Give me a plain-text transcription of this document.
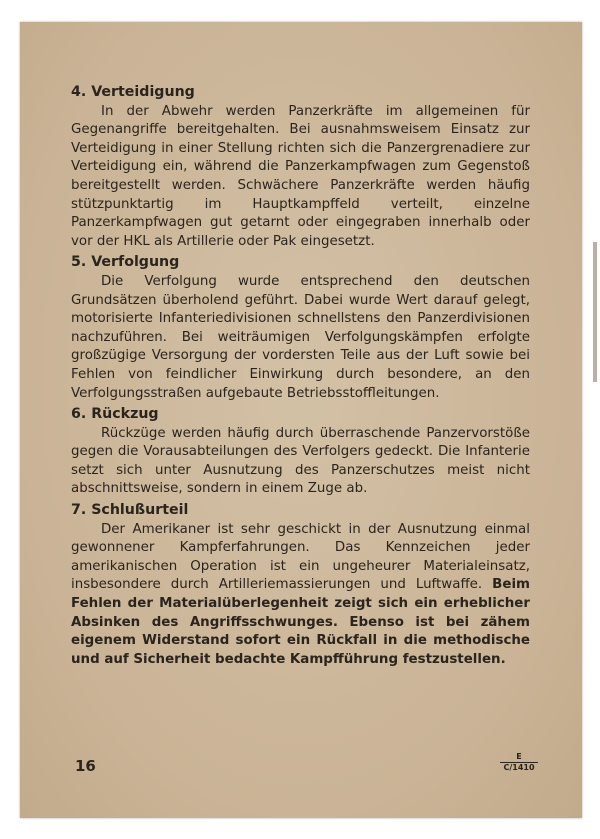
4. Verteidigung
In der Abwehr werden Panzerkräfte im allgemeinen für Gegenangriffe bereitgehalten. Bei ausnahmsweisem Einsatz zur Verteidigung in einer Stellung richten sich die Panzergrenadiere zur Verteidigung ein, während die Panzerkampfwagen zum Gegenstoß bereitgestellt werden. Schwächere Panzerkräfte werden häufig stützpunktartig im Hauptkampffeld verteilt, einzelne Panzerkampfwagen gut getarnt oder eingegraben innerhalb oder vor der HKL als Artillerie oder Pak eingesetzt.
5. Verfolgung
Die Verfolgung wurde entsprechend den deutschen Grundsätzen überholend geführt. Dabei wurde Wert darauf gelegt, motorisierte Infanteriedivisionen schnellstens den Panzerdivisionen nachzuführen. Bei weiträumigen Verfolgungskämpfen erfolgte großzügige Versorgung der vordersten Teile aus der Luft sowie bei Fehlen von feindlicher Einwirkung durch besondere, an den Verfolgungsstraßen aufgebaute Betriebsstoffleitungen.
6. Rückzug
Rückzüge werden häufig durch überraschende Panzervorstöße gegen die Vorausabteilungen des Verfolgers gedeckt. Die Infanterie setzt sich unter Ausnutzung des Panzerschutzes meist nicht abschnittsweise, sondern in einem Zuge ab.
7. Schlußurteil
Der Amerikaner ist sehr geschickt in der Ausnutzung einmal gewonnener Kampferfahrungen. Das Kennzeichen jeder amerikanischen Operation ist ein ungeheurer Materialeinsatz, insbesondere durch Artilleriemassierungen und Luftwaffe. Beim Fehlen der Materialüberlegenheit zeigt sich ein erheblicher Absinken des Angriffsschwunges. Ebenso ist bei zähem eigenem Widerstand sofort ein Rückfall in die methodische und auf Sicherheit bedachte Kampfführung festzustellen.
16
E
C/1410
